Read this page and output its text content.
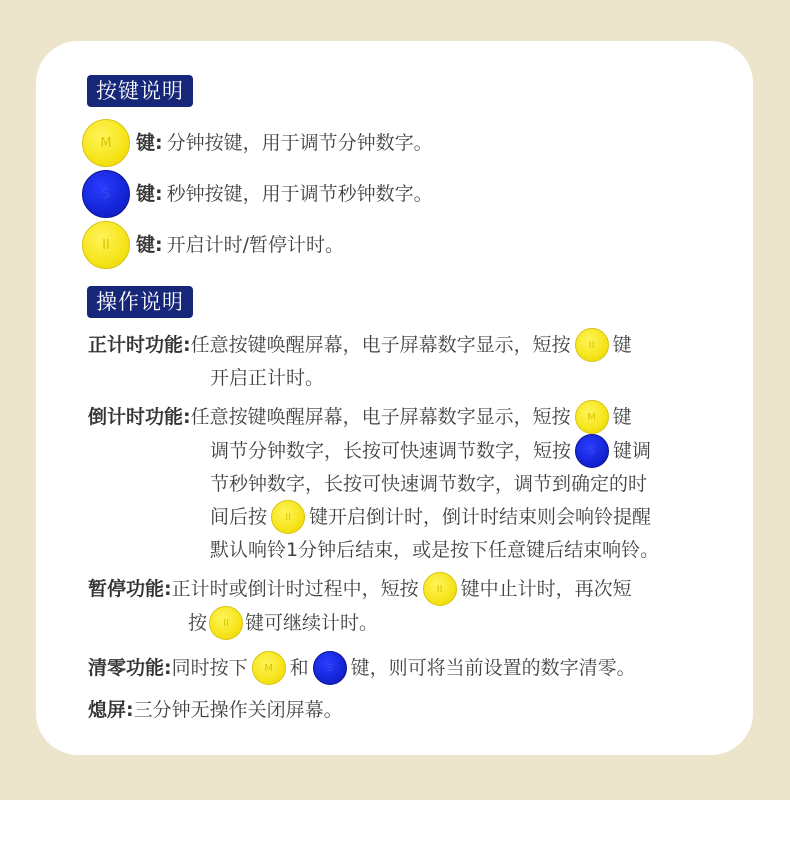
按键说明
M	键: 分钟按键，用于调节分钟数字。
S	键: 秒钟按键，用于调节秒钟数字。
II	键: 开启计时/暂停计时。
操作说明
正计时功能: 任意按键唤醒屏幕，电子屏幕数字显示，短按	II 键
开启正计时。
倒计时功能: 任意按键唤醒屏幕，电子屏幕数字显示，短按	M 键
调节分钟数字，长按可快速调节数字，短按	S 键调
节秒钟数字，长按可快速调节数字，调节到确定的时
间后按	II 键开启倒计时，倒计时结束则会响铃提醒
默认响铃1分钟后结束，或是按下任意键后结束响铃。
暂停功能: 正计时或倒计时过程中，短按	II 键中止计时，再次短
按	II 键可继续计时。
清零功能: 同时按下	M 和	S 键，则可将当前设置的数字清零。
熄屏: 三分钟无操作关闭屏幕。
